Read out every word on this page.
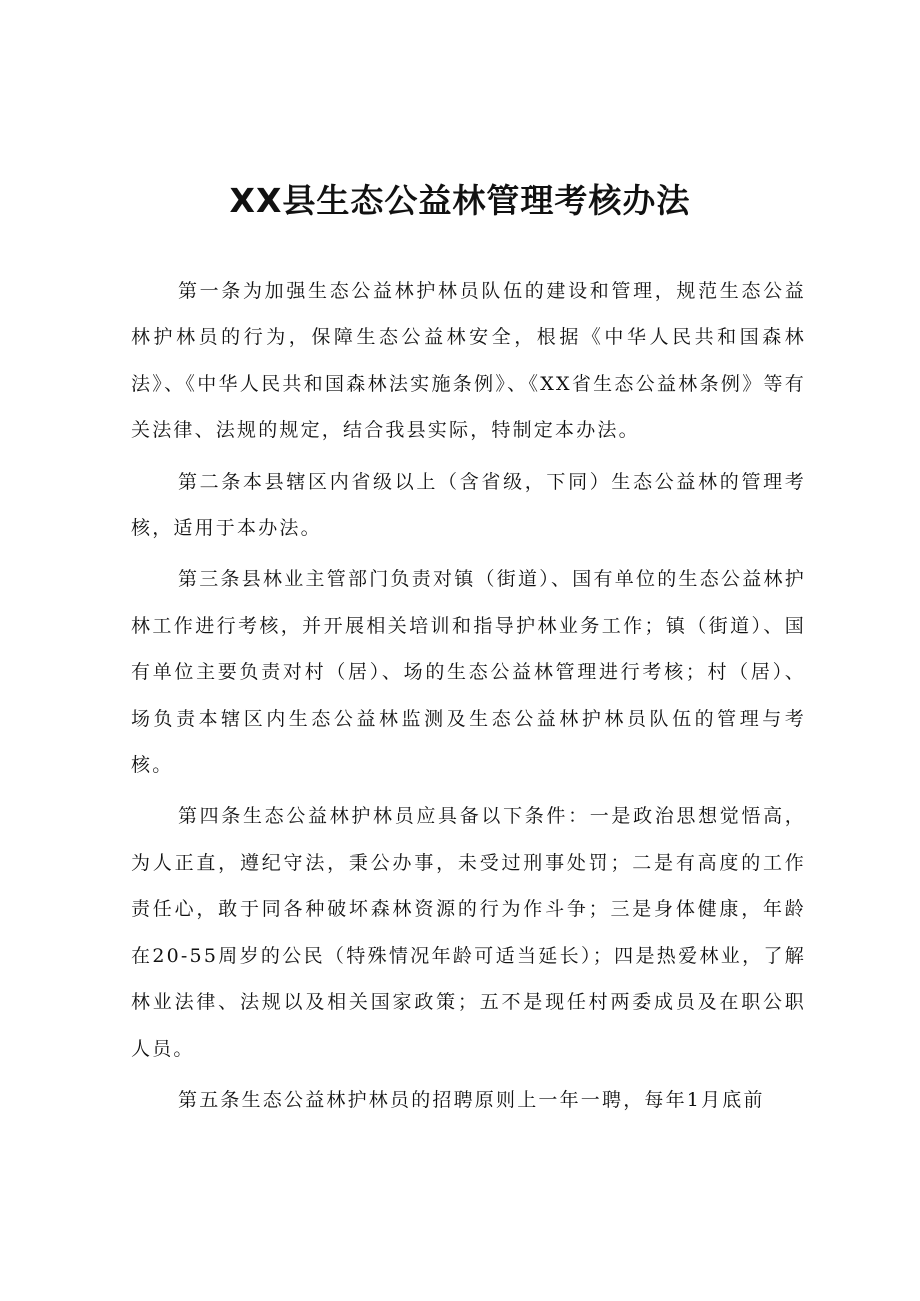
XX县生态公益林管理考核办法

第一条为加强生态公益林护林员队伍的建设和管理，规范生态公益林护林员的行为，保障生态公益林安全，根据《中华人民共和国森林法》、《中华人民共和国森林法实施条例》、《XX省生态公益林条例》等有关法律、法规的规定，结合我县实际，特制定本办法。

第二条本县辖区内省级以上（含省级，下同）生态公益林的管理考核，适用于本办法。

第三条县林业主管部门负责对镇（街道）、国有单位的生态公益林护林工作进行考核，并开展相关培训和指导护林业务工作；镇（街道）、国有单位主要负责对村（居）、场的生态公益林管理进行考核；村（居）、场负责本辖区内生态公益林监测及生态公益林护林员队伍的管理与考核。

第四条生态公益林护林员应具备以下条件：一是政治思想觉悟高，为人正直，遵纪守法，秉公办事，未受过刑事处罚；二是有高度的工作责任心，敢于同各种破坏森林资源的行为作斗争；三是身体健康，年龄在20-55周岁的公民（特殊情况年龄可适当延长）；四是热爱林业，了解林业法律、法规以及相关国家政策；五不是现任村两委成员及在职公职人员。

第五条生态公益林护林员的招聘原则上一年一聘，每年1月底前
